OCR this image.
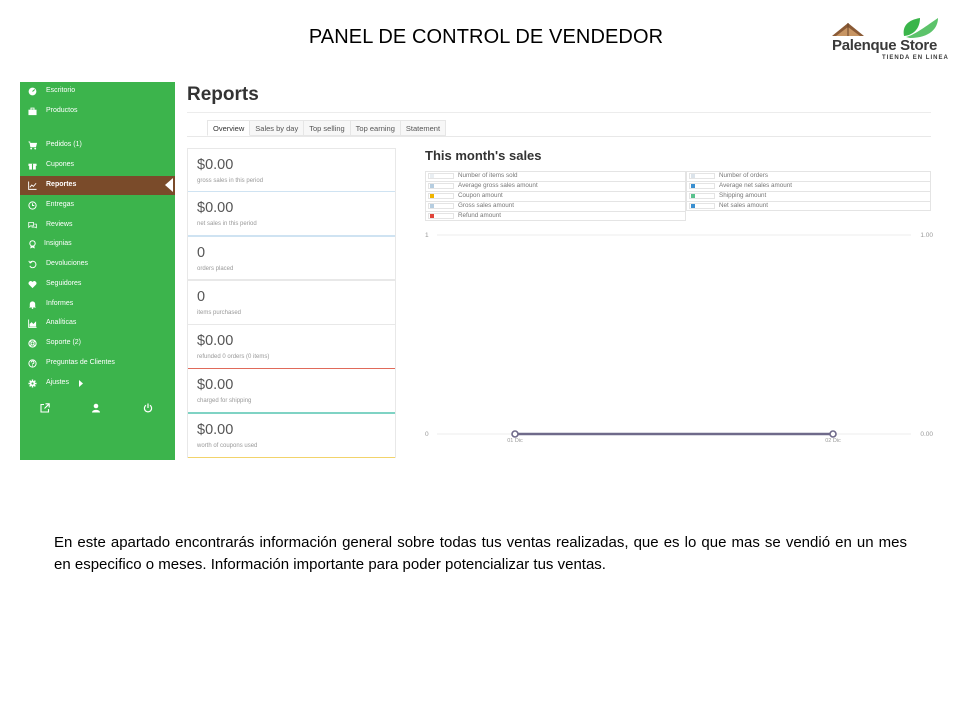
PANEL DE CONTROL DE VENDEDOR	Palenque Store
TIENDA EN LINEA
Escritorio
Productos
Pedidos (1)
Cupones
Reportes
Entregas
Reviews
Insignias
Devoluciones
Seguidores
Informes
Analíticas
Soporte (2)
Preguntas de Clientes
Ajustes
Reports
Overview	Sales by day	Top selling	Top earning	Statement
$0.00
gross sales in this period
$0.00
net sales in this period
0
orders placed
0
items purchased
$0.00
refunded 0 orders (0 items)
$0.00
charged for shipping
$0.00
worth of coupons used
This month's sales
Number of items sold	Number of orders
Average gross sales amount	Average net sales amount
Coupon amount	Shipping amount
Gross sales amount	Net sales amount
Refund amount
1	1.00
0	0.00
01 Dic	02 Dic
En este apartado encontrarás información general sobre todas tus ventas realizadas, que es lo que mas se vendió en un mes en especifico o meses. Información importante para poder potencializar tus ventas.
